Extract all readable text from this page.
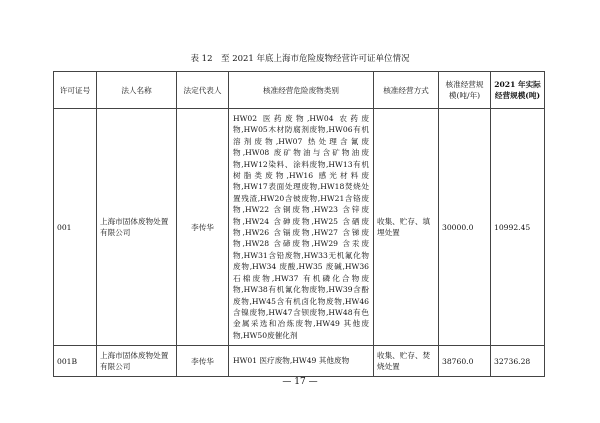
表 12　至 2021 年底上海市危险废物经营许可证单位情况
许可证号	法人名称	法定代表人	核准经营危险废物类别	核准经营方式	核准经营规模(吨/年)	2021 年实际经营规模(吨)
001	上海市固体废物处置有限公司	李传华	HW02 医药废物,HW04 农药废物,HW05木材防腐剂废物,HW06有机溶剂废物,HW07 热处理含氰废物,HW08 废矿物油与含矿物油废物,HW12染料、涂料废物,HW13有机树脂类废物,HW16 感光材料废物,HW17表面处理废物,HW18焚烧处置残渣,HW20含铍废物,HW21含铬废物,HW22 含铜废物,HW23 含锌废物,HW24 含砷废物,HW25 含硒废物,HW26 含镉废物,HW27 含锑废物,HW28 含碲废物,HW29 含汞废物,HW31含铅废物,HW33无机氟化物废物,HW34 废酸,HW35 废碱,HW36石棉废物,HW37 有机磷化合物废物,HW38有机氰化物废物,HW39含酚废物,HW45含有机卤化物废物,HW46含镍废物,HW47含钡废物,HW48有色金属采选和冶炼废物,HW49 其他废物,HW50废催化剂	收集、贮存、填埋处置	30000.0	10992.45
001B	上海市固体废物处置有限公司	李传华	HW01 医疗废物,HW49 其他废物	收集、贮存、焚烧处置	38760.0	32736.28
— 17 —
